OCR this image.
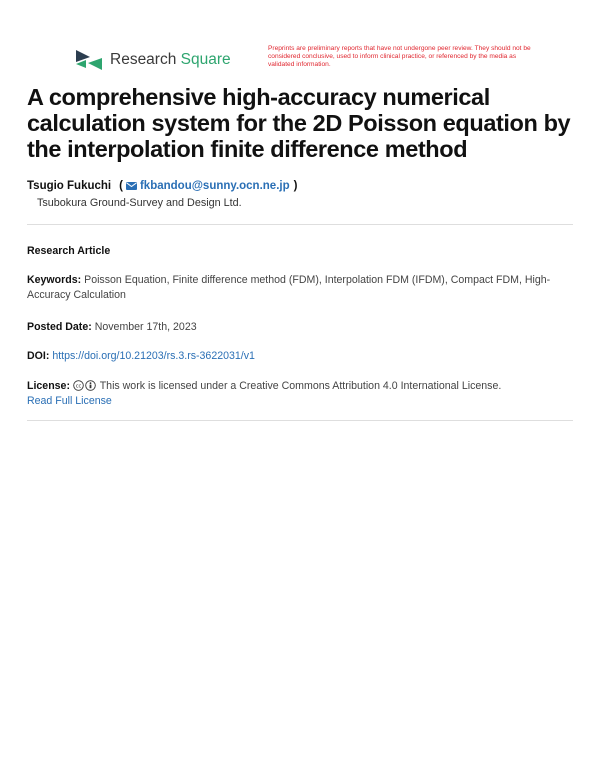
Research Square
Preprints are preliminary reports that have not undergone peer review. They should not be considered conclusive, used to inform clinical practice, or referenced by the media as validated information.
A comprehensive high-accuracy numerical calculation system for the 2D Poisson equation by the interpolation finite difference method
Tsugio Fukuchi ( fkbandou@sunny.ocn.ne.jp )
Tsubokura Ground-Survey and Design Ltd.
Research Article
Keywords: Poisson Equation, Finite difference method (FDM), Interpolation FDM (IFDM), Compact FDM, High-Accuracy Calculation
Posted Date: November 17th, 2023
DOI: https://doi.org/10.21203/rs.3.rs-3622031/v1
License: cc This work is licensed under a Creative Commons Attribution 4.0 International License.
Read Full License
